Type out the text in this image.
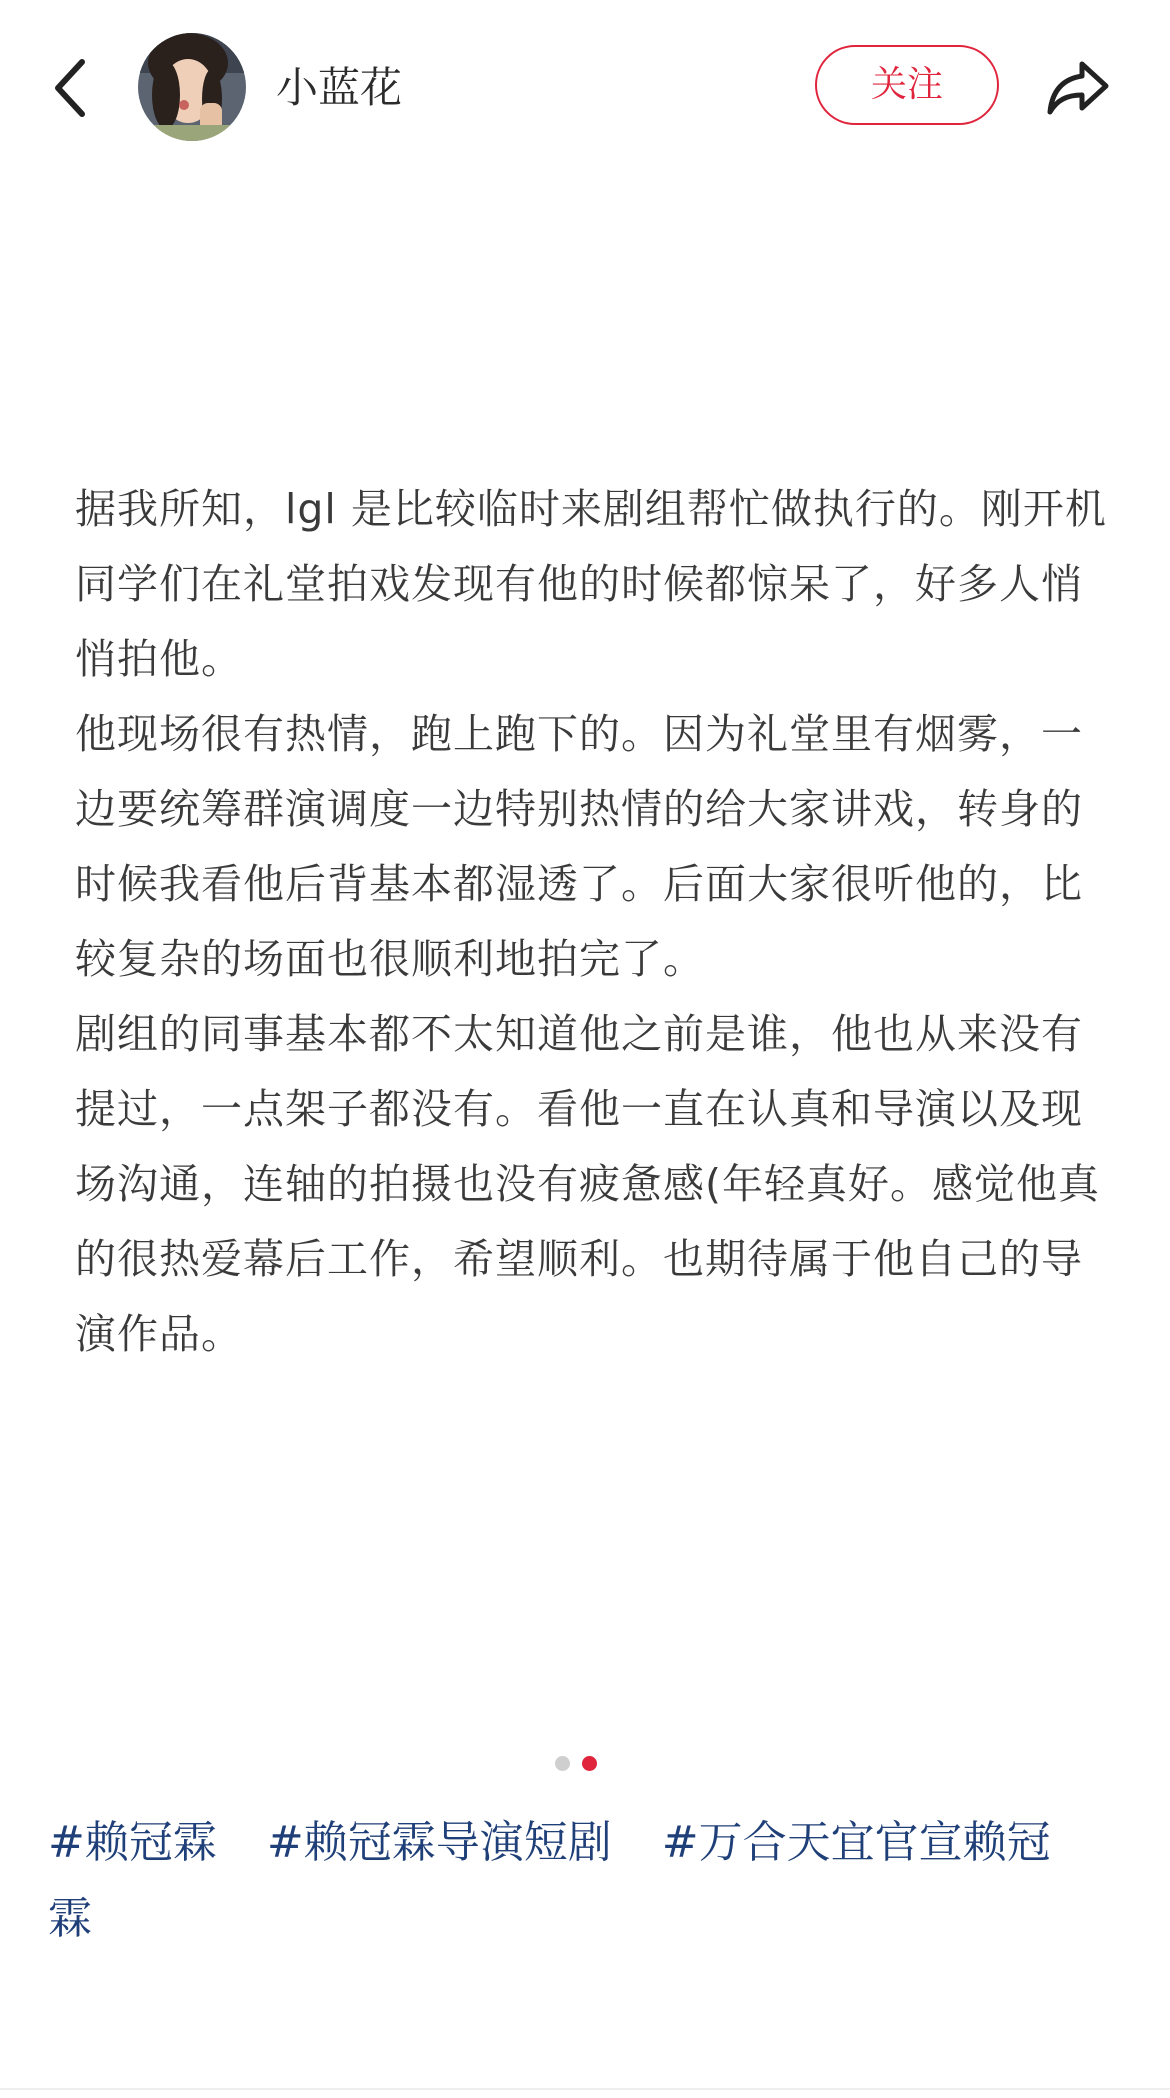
小蓝花	关注

据我所知，lgl 是比较临时来剧组帮忙做执行的。刚开机同学们在礼堂拍戏发现有他的时候都惊呆了，好多人悄悄拍他。

他现场很有热情，跑上跑下的。因为礼堂里有烟雾，一边要统筹群演调度一边特别热情的给大家讲戏，转身的时候我看他后背基本都湿透了。后面大家很听他的，比较复杂的场面也很顺利地拍完了。

剧组的同事基本都不太知道他之前是谁，他也从来没有提过，一点架子都没有。看他一直在认真和导演以及现场沟通，连轴的拍摄也没有疲惫感(年轻真好。感觉他真的很热爱幕后工作，希望顺利。也期待属于他自己的导演作品。

#赖冠霖 #赖冠霖导演短剧 #万合天宜官宣赖冠霖
